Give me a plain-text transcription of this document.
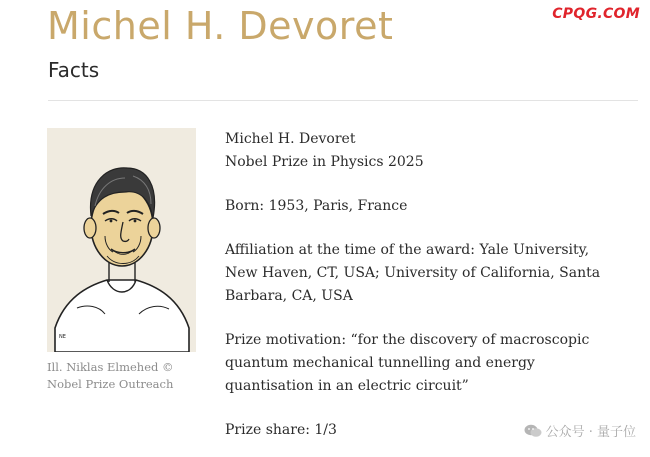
Michel H. Devoret	CPQG.COM
Facts
NE
Ill. Niklas Elmehed © Nobel Prize Outreach

Michel H. Devoret

Nobel Prize in Physics 2025

Born: 1953, Paris, France

Affiliation at the time of the award: Yale University, New Haven, CT, USA; University of California, Santa Barbara, CA, USA

Prize motivation: “for the discovery of macroscopic quantum mechanical tunnelling and energy quantisation in an electric circuit”

Prize share: 1/3	公众号 · 量子位
